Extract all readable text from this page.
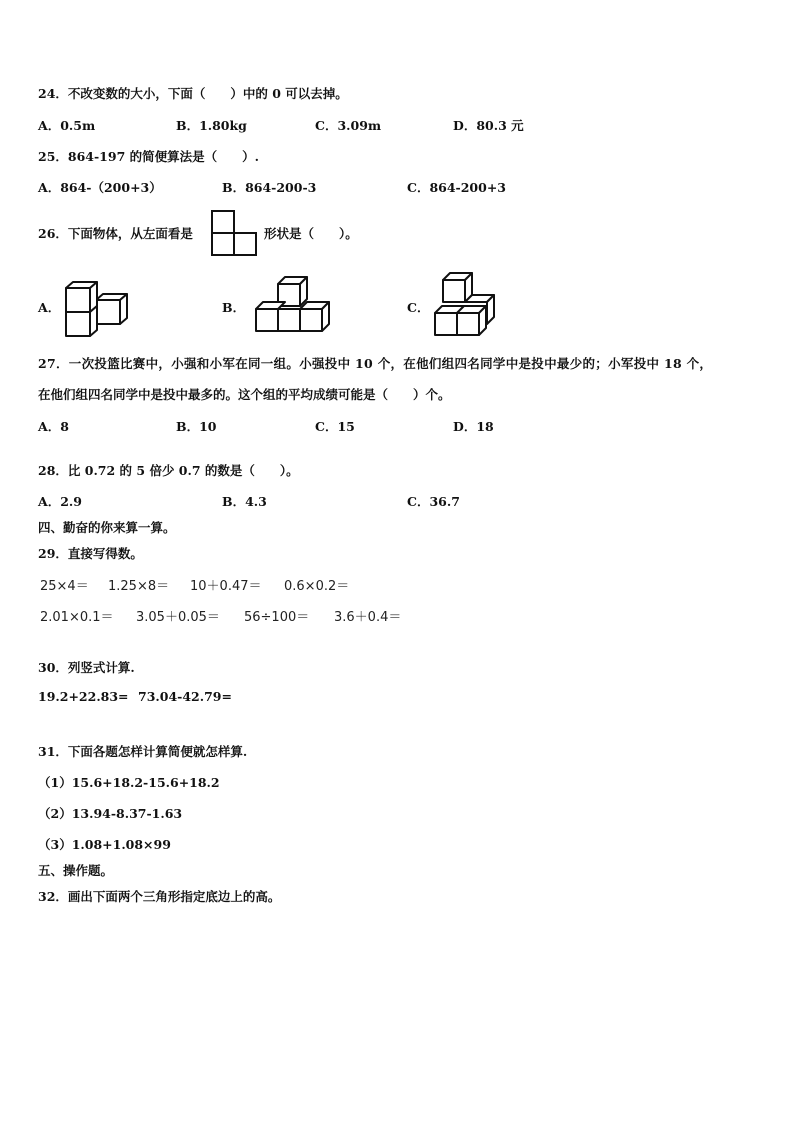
24．不改变数的大小，下面（　　）中的 0 可以去掉。
A．0.5m	B．1.80kg	C．3.09m	D．80.3 元
25．864-197 的简便算法是（　　）.
A．864-（200+3）	B．864-200-3	C．864-200+3
26．下面物体，从左面看是	形状是（　　）。
A．	B．	C．
27．一次投篮比赛中，小强和小军在同一组。小强投中 10 个，在他们组四名同学中是投中最少的；小军投中 18 个，
在他们组四名同学中是投中最多的。这个组的平均成绩可能是（　　）个。
A．8	B．10	C．15	D．18
28．比 0.72 的 5 倍少 0.7 的数是（　　）。
A．2.9	B．4.3	C．36.7
四、勤奋的你来算一算。
29．直接写得数。
25×4＝ 1.25×8＝ 10＋0.47＝ 0.6×0.2＝
2.01×0.1＝ 3.05＋0.05＝ 56÷100＝ 3.6＋0.4＝
30．列竖式计算.
19.2+22.83= 73.04-42.79=
31．下面各题怎样计算简便就怎样算.
（1）15.6+18.2-15.6+18.2
（2）13.94-8.37-1.63
（3）1.08+1.08×99
五、操作题。
32．画出下面两个三角形指定底边上的高。
